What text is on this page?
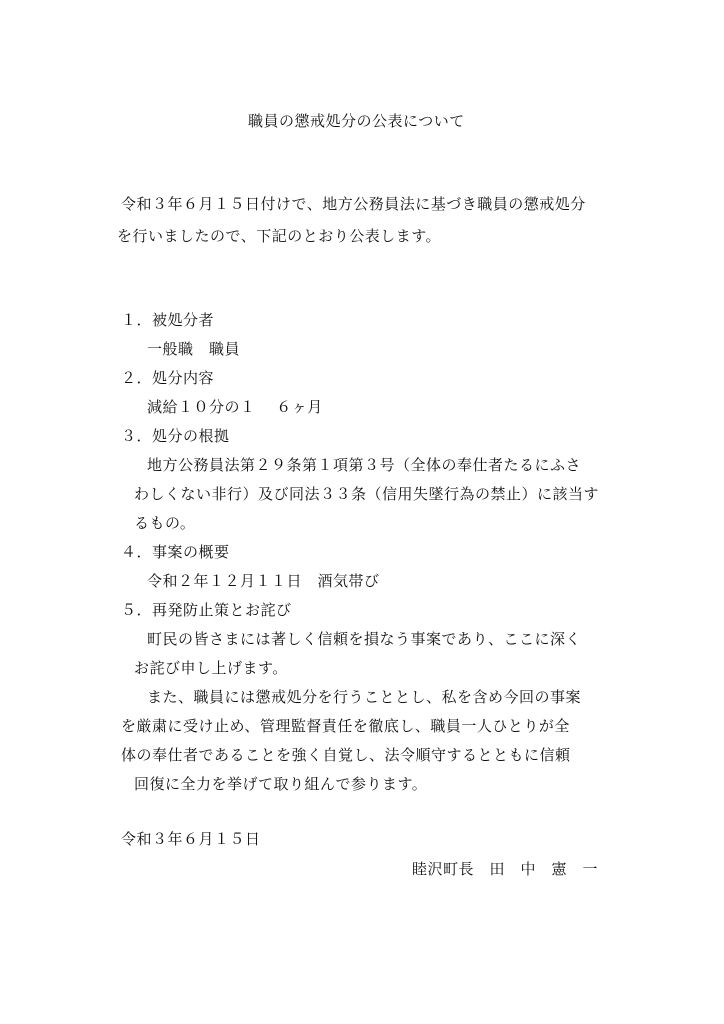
職員の懲戒処分の公表について
令和３年６月１５日付けで、地方公務員法に基づき職員の懲戒処分
を行いましたので、下記のとおり公表します。
１．被処分者
一般職　職員
２．処分内容
減給１０分の１　 ６ヶ月
３．処分の根拠
地方公務員法第２９条第１項第３号（全体の奉仕者たるにふさ
わしくない非行）及び同法３３条（信用失墜行為の禁止）に該当す
るもの。
４．事案の概要
令和２年１２月１１日　酒気帯び
５．再発防止策とお詫び
町民の皆さまには著しく信頼を損なう事案であり、ここに深く
お詫び申し上げます。
また、職員には懲戒処分を行うこととし、私を含め今回の事案
を厳粛に受け止め、管理監督責任を徹底し、職員一人ひとりが全
体の奉仕者であることを強く自覚し、法令順守するとともに信頼
回復に全力を挙げて取り組んで参ります。
令和３年６月１５日
睦沢町長　田　中　憲　一
